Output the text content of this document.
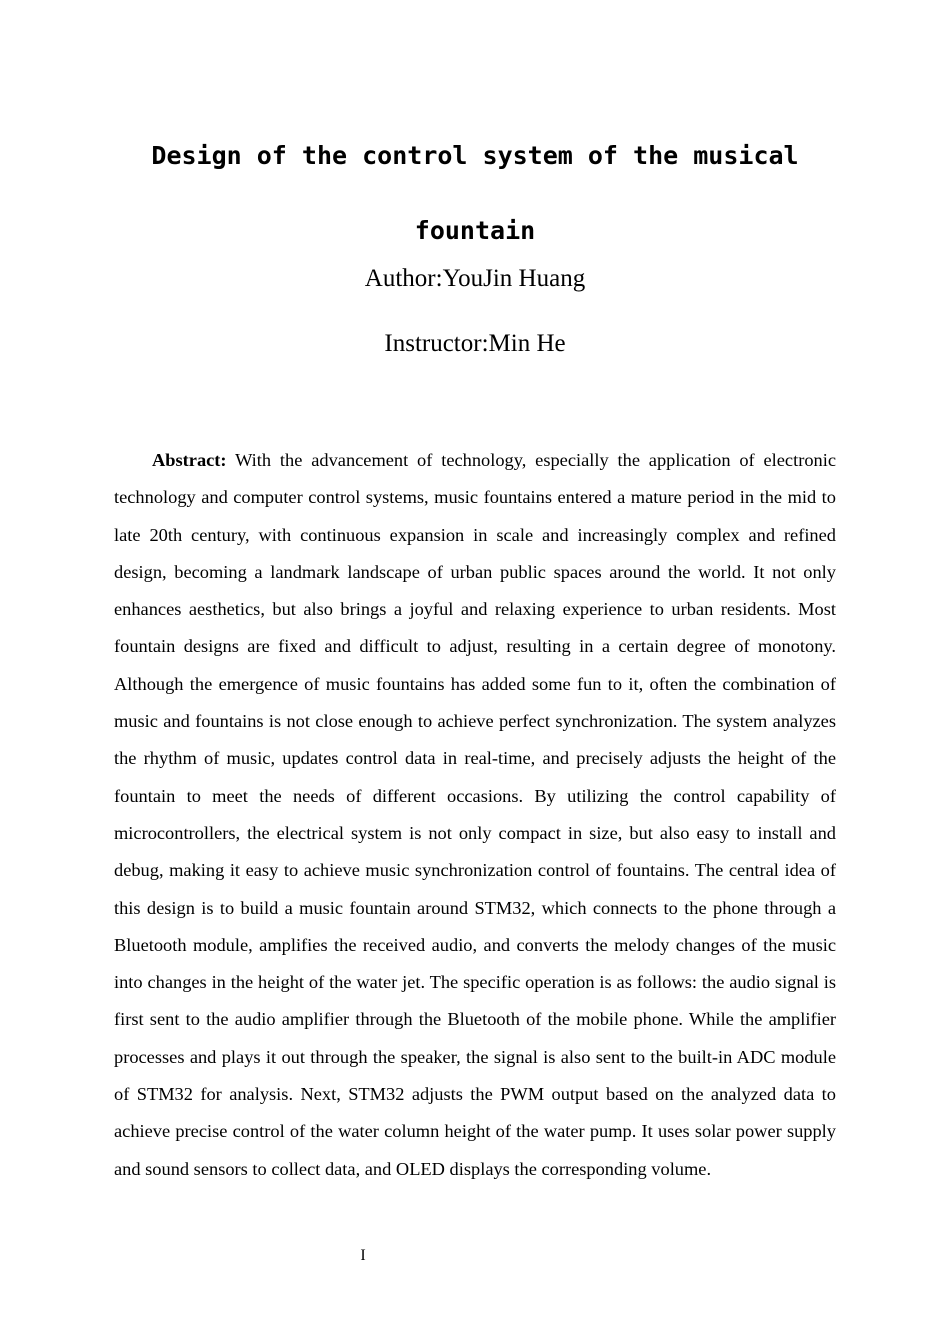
Design of the control system of the musical fountain
Author:YouJin Huang
Instructor:Min He

Abstract: With the advancement of technology, especially the application of electronic technology and computer control systems, music fountains entered a mature period in the mid to late 20th century, with continuous expansion in scale and increasingly complex and refined design, becoming a landmark landscape of urban public spaces around the world. It not only enhances aesthetics, but also brings a joyful and relaxing experience to urban residents. Most fountain designs are fixed and difficult to adjust, resulting in a certain degree of monotony. Although the emergence of music fountains has added some fun to it, often the combination of music and fountains is not close enough to achieve perfect synchronization. The system analyzes the rhythm of music, updates control data in real-time, and precisely adjusts the height of the fountain to meet the needs of different occasions. By utilizing the control capability of microcontrollers, the electrical system is not only compact in size, but also easy to install and debug, making it easy to achieve music synchronization control of fountains. The central idea of this design is to build a music fountain around STM32, which connects to the phone through a Bluetooth module, amplifies the received audio, and converts the melody changes of the music into changes in the height of the water jet. The specific operation is as follows: the audio signal is first sent to the audio amplifier through the Bluetooth of the mobile phone. While the amplifier processes and plays it out through the speaker, the signal is also sent to the built-in ADC module of STM32 for analysis. Next, STM32 adjusts the PWM output based on the analyzed data to achieve precise control of the water column height of the water pump. It uses solar power supply and sound sensors to collect data, and OLED displays the corresponding volume.

I
